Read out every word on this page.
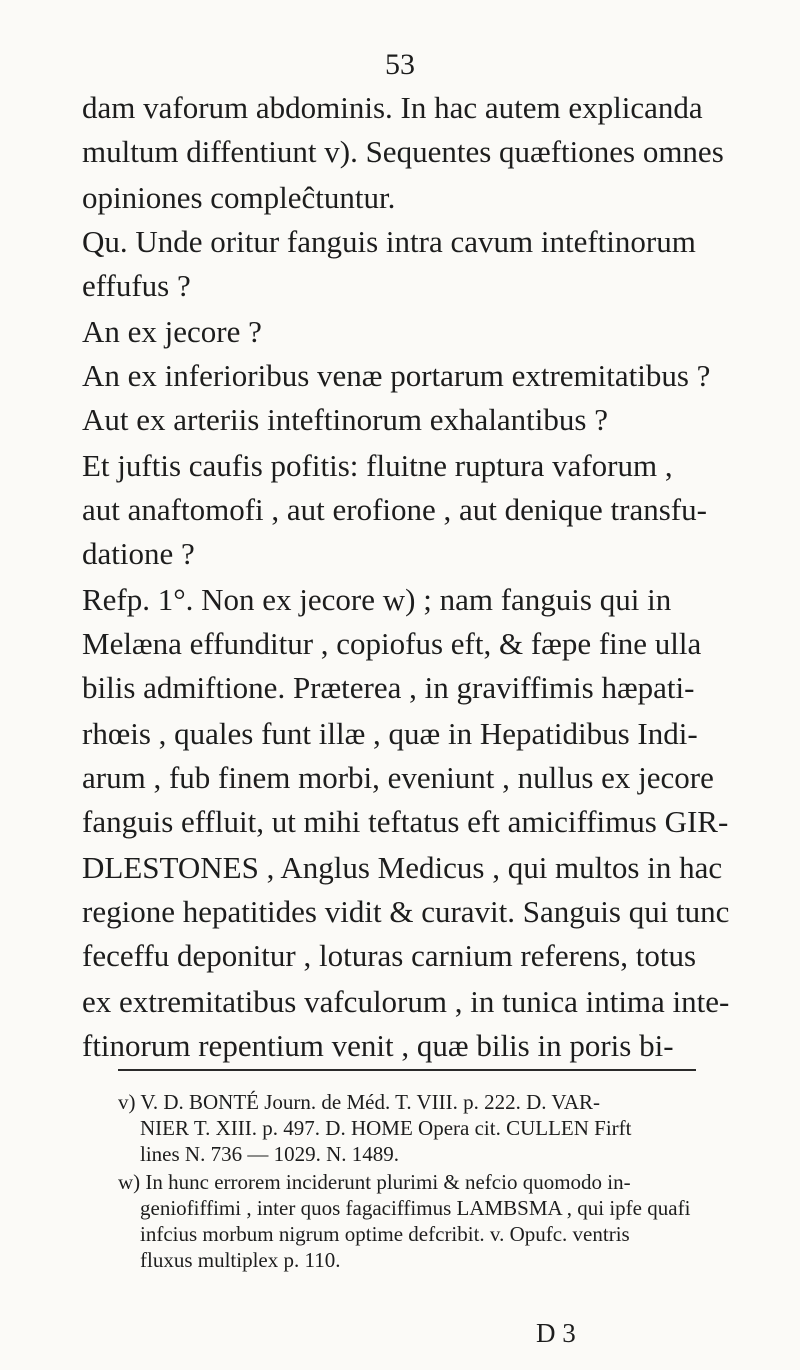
53
dam vaforum abdominis. In hac autem explicanda
multum diffentiunt v). Sequentes quæftiones omnes
opiniones compleĉtuntur.
Qu. Unde oritur fanguis intra cavum inteftinorum
effufus ?
An ex jecore ?
An ex inferioribus venæ portarum extremitatibus ?
Aut ex arteriis inteftinorum exhalantibus ?
Et juftis caufis pofitis: fluitne ruptura vaforum ,
aut anaftomofi , aut erofione , aut denique transfu-
datione ?
Refp. 1°. Non ex jecore w) ; nam fanguis qui in
Melæna effunditur , copiofus eft, & fæpe fine ulla
bilis admiftione. Præterea , in graviffimis hæpati-
rhœis , quales funt illæ , quæ in Hepatidibus Indi-
arum , fub finem morbi, eveniunt , nullus ex jecore
fanguis effluit, ut mihi teftatus eft amiciffimus GIR-
DLESTONES , Anglus Medicus , qui multos in hac
regione hepatitides vidit & curavit. Sanguis qui tunc
feceffu deponitur , loturas carnium referens, totus
ex extremitatibus vafculorum , in tunica intima inte-
ftinorum repentium venit , quæ bilis in poris bi-
v) V. D. BONTÉ Journ. de Méd. T. VIII. p. 222. D. VAR-
NIER T. XIII. p. 497. D. HOME Opera cit. CULLEN Firft
lines N. 736 — 1029. N. 1489.
w) In hunc errorem inciderunt plurimi & nefcio quomodo in-
geniofiffimi , inter quos fagaciffimus LAMBSMA , qui ipfe quafi
infcius morbum nigrum optime defcribit. v. Opufc. ventris
fluxus multiplex p. 110.
D 3
